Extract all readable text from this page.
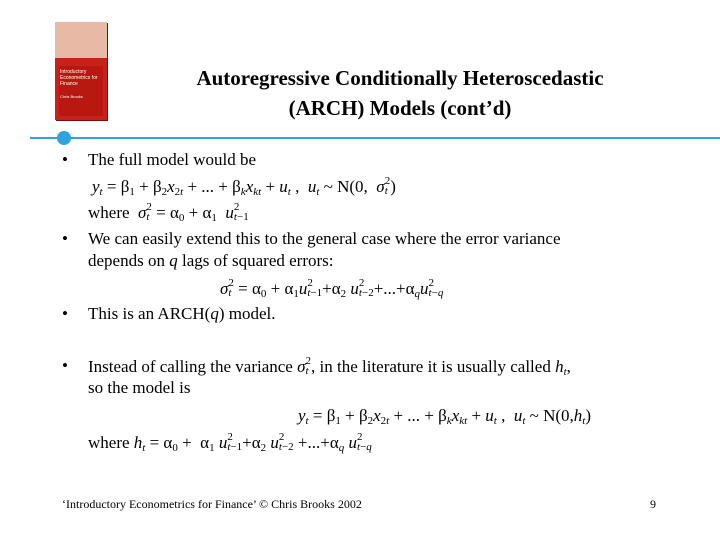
Introductory Econometrics for Finance
Chris Brooks
Autoregressive Conditionally Heteroscedastic
(ARCH) Models (cont’d)
• The full model would be
$y_t = \beta_1 + \beta_2x_{2t}$ + ... + $\beta_kx_{kt} + u_t$ ,  $u_t$ ~ N(0,  σ 2
t )
where σ 2
$t = \alpha_0 + \alpha_1$ u 2
t−1
• We can easily extend this to the general case where the error variance
depends on q lags of squared errors:
σ 2
$t = \alpha_0 + \alpha_1u$ 2
$t-1 +\alpha_2$ u 2
$t-2 +...+\alpha_qu$ 2
t−q
• This is an ARCH(q) model.
• Instead of calling the variance σ 2
t , in the literature it is usually called $h_t$,
so the model is
$y_t = \beta_1 + \beta_2x_{2t}$ + ... + $\beta_kx_{kt} + u_t$ ,  $u_t$ ~ $N(0,h_t)$
where $h_t = \alpha_0 + \alpha_1$ u 2
$t-1 +\alpha_2$ u 2
$t-2 +...+\alpha_q$ u 2
t−q
‘Introductory Econometrics for Finance’ © Chris Brooks 2002	9
